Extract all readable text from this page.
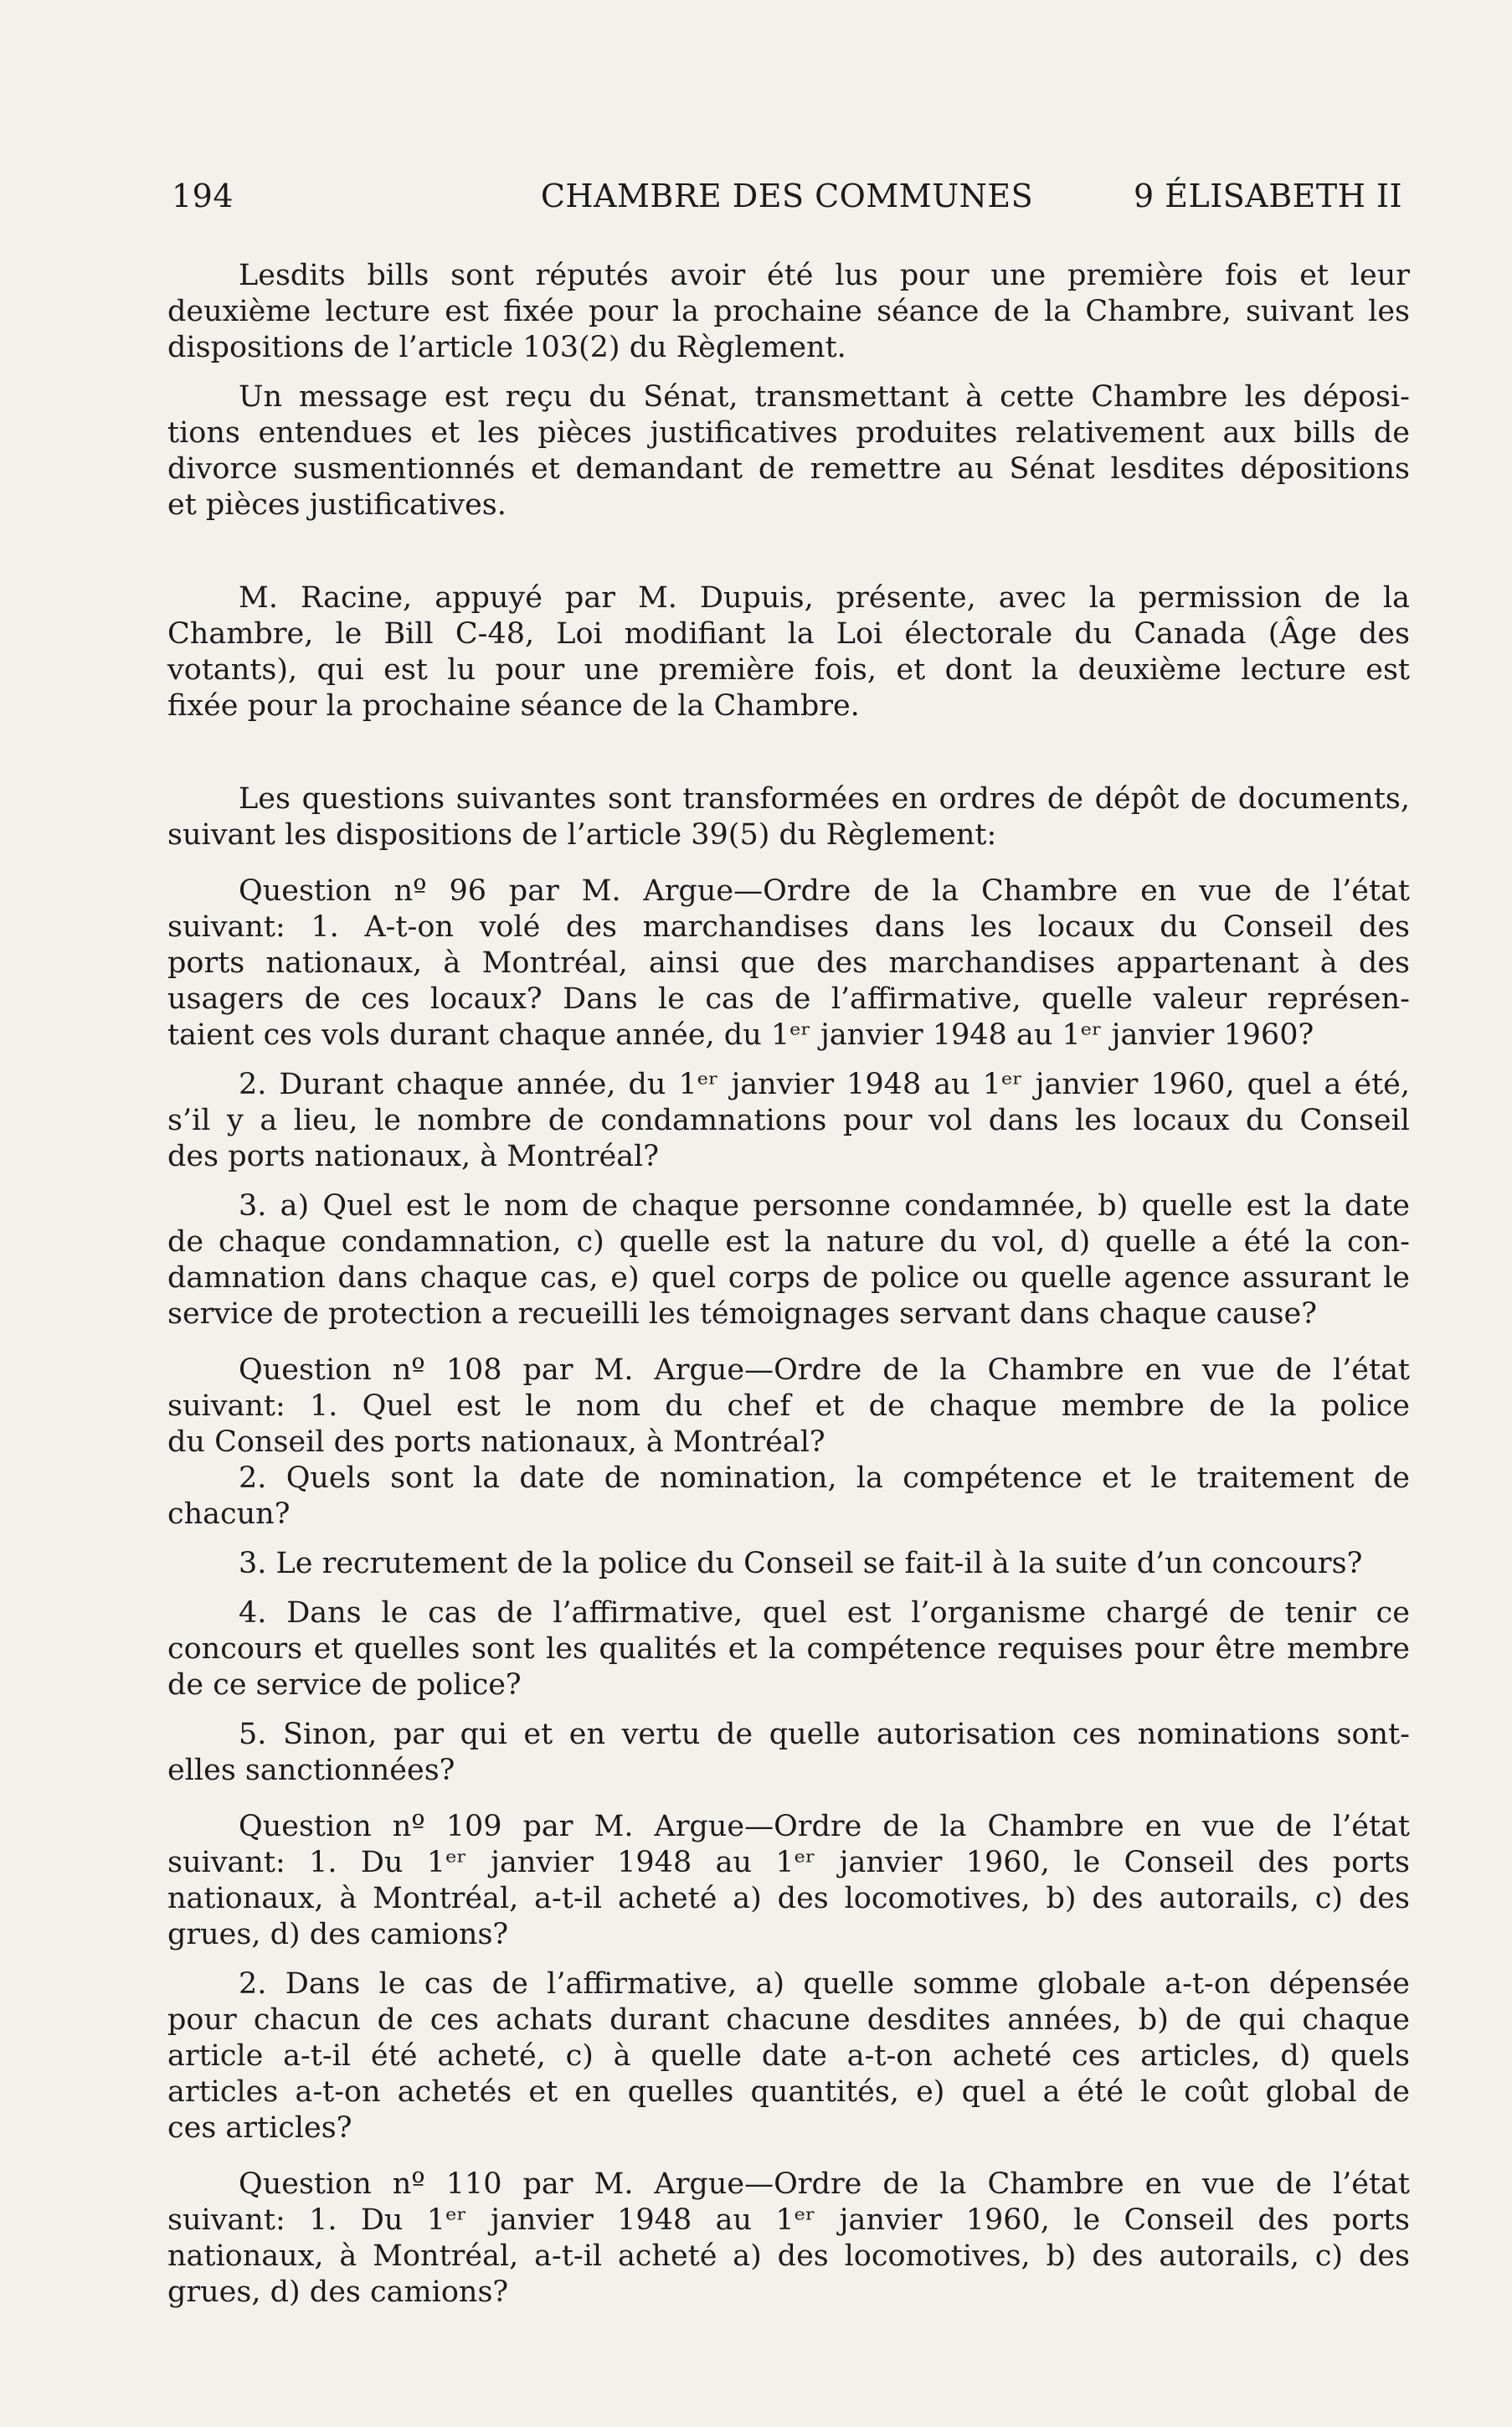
194	CHAMBRE DES COMMUNES	9 ÉLISABETH II

Lesdits bills sont réputés avoir été lus pour une première fois et leur
deuxième lecture est fixée pour la prochaine séance de la Chambre, suivant les
dispositions de l’article 103(2) du Règlement.

Un message est reçu du Sénat, transmettant à cette Chambre les déposi-
tions entendues et les pièces justificatives produites relativement aux bills de
divorce susmentionnés et demandant de remettre au Sénat lesdites dépositions
et pièces justificatives.

M. Racine, appuyé par M. Dupuis, présente, avec la permission de la
Chambre, le Bill C-48, Loi modifiant la Loi électorale du Canada (Âge des
votants), qui est lu pour une première fois, et dont la deuxième lecture est
fixée pour la prochaine séance de la Chambre.

Les questions suivantes sont transformées en ordres de dépôt de documents,
suivant les dispositions de l’article 39(5) du Règlement:

Question nº 96 par M. Argue—Ordre de la Chambre en vue de l’état
suivant: 1. A-t-on volé des marchandises dans les locaux du Conseil des
ports nationaux, à Montréal, ainsi que des marchandises appartenant à des
usagers de ces locaux? Dans le cas de l’affirmative, quelle valeur représen-
taient ces vols durant chaque année, du 1ᵉʳ janvier 1948 au 1ᵉʳ janvier 1960?

2. Durant chaque année, du 1ᵉʳ janvier 1948 au 1ᵉʳ janvier 1960, quel a été,
s’il y a lieu, le nombre de condamnations pour vol dans les locaux du Conseil
des ports nationaux, à Montréal?

3. a) Quel est le nom de chaque personne condamnée, b) quelle est la date
de chaque condamnation, c) quelle est la nature du vol, d) quelle a été la con-
damnation dans chaque cas, e) quel corps de police ou quelle agence assurant le
service de protection a recueilli les témoignages servant dans chaque cause?

Question nº 108 par M. Argue—Ordre de la Chambre en vue de l’état
suivant: 1. Quel est le nom du chef et de chaque membre de la police
du Conseil des ports nationaux, à Montréal?

2. Quels sont la date de nomination, la compétence et le traitement de
chacun?

3. Le recrutement de la police du Conseil se fait-il à la suite d’un concours?

4. Dans le cas de l’affirmative, quel est l’organisme chargé de tenir ce
concours et quelles sont les qualités et la compétence requises pour être membre
de ce service de police?

5. Sinon, par qui et en vertu de quelle autorisation ces nominations sont-
elles sanctionnées?

Question nº 109 par M. Argue—Ordre de la Chambre en vue de l’état
suivant: 1. Du 1ᵉʳ janvier 1948 au 1ᵉʳ janvier 1960, le Conseil des ports
nationaux, à Montréal, a-t-il acheté a) des locomotives, b) des autorails, c) des
grues, d) des camions?

2. Dans le cas de l’affirmative, a) quelle somme globale a-t-on dépensée
pour chacun de ces achats durant chacune desdites années, b) de qui chaque
article a-t-il été acheté, c) à quelle date a-t-on acheté ces articles, d) quels
articles a-t-on achetés et en quelles quantités, e) quel a été le coût global de
ces articles?

Question nº 110 par M. Argue—Ordre de la Chambre en vue de l’état
suivant: 1. Du 1ᵉʳ janvier 1948 au 1ᵉʳ janvier 1960, le Conseil des ports
nationaux, à Montréal, a-t-il acheté a) des locomotives, b) des autorails, c) des
grues, d) des camions?
